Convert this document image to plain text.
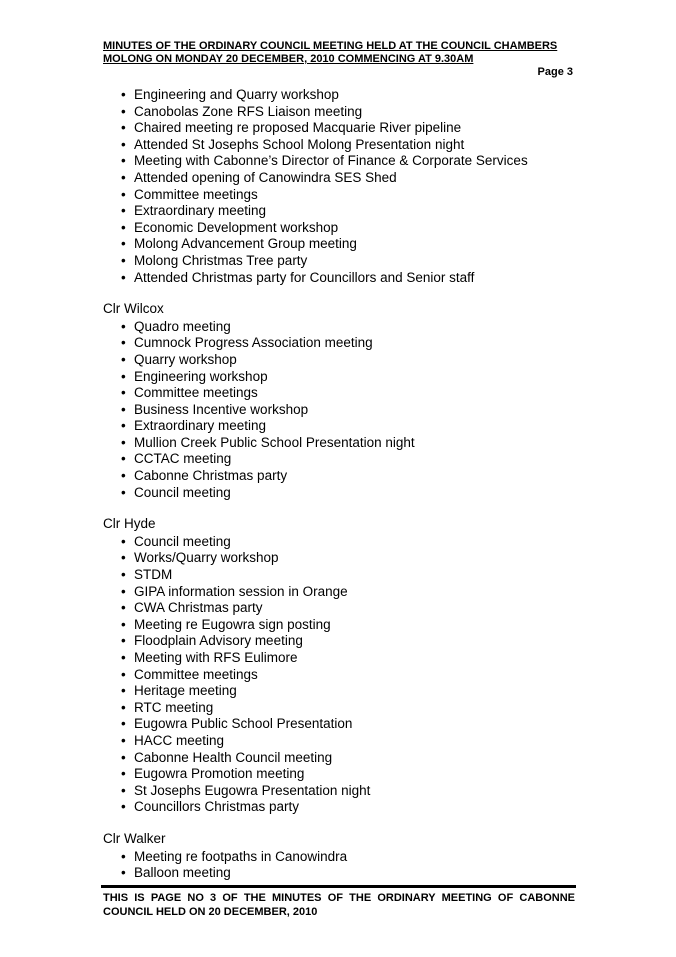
MINUTES OF THE ORDINARY COUNCIL MEETING HELD AT THE COUNCIL CHAMBERS
MOLONG ON MONDAY 20 DECEMBER, 2010 COMMENCING AT 9.30AM
Page 3
• Engineering and Quarry workshop
• Canobolas Zone RFS Liaison meeting
• Chaired meeting re proposed Macquarie River pipeline
• Attended St Josephs School Molong Presentation night
• Meeting with Cabonne’s Director of Finance & Corporate Services
• Attended opening of Canowindra SES Shed
• Committee meetings
• Extraordinary meeting
• Economic Development workshop
• Molong Advancement Group meeting
• Molong Christmas Tree party
• Attended Christmas party for Councillors and Senior staff
Clr Wilcox
• Quadro meeting
• Cumnock Progress Association meeting
• Quarry workshop
• Engineering workshop
• Committee meetings
• Business Incentive workshop
• Extraordinary meeting
• Mullion Creek Public School Presentation night
• CCTAC meeting
• Cabonne Christmas party
• Council meeting
Clr Hyde
• Council meeting
• Works/Quarry workshop
• STDM
• GIPA information session in Orange
• CWA Christmas party
• Meeting re Eugowra sign posting
• Floodplain Advisory meeting
• Meeting with RFS Eulimore
• Committee meetings
• Heritage meeting
• RTC meeting
• Eugowra Public School Presentation
• HACC meeting
• Cabonne Health Council meeting
• Eugowra Promotion meeting
• St Josephs Eugowra Presentation night
• Councillors Christmas party
Clr Walker
• Meeting re footpaths in Canowindra
• Balloon meeting
THIS IS PAGE NO 3 OF THE MINUTES OF THE ORDINARY MEETING OF CABONNE COUNCIL HELD ON 20 DECEMBER, 2010
